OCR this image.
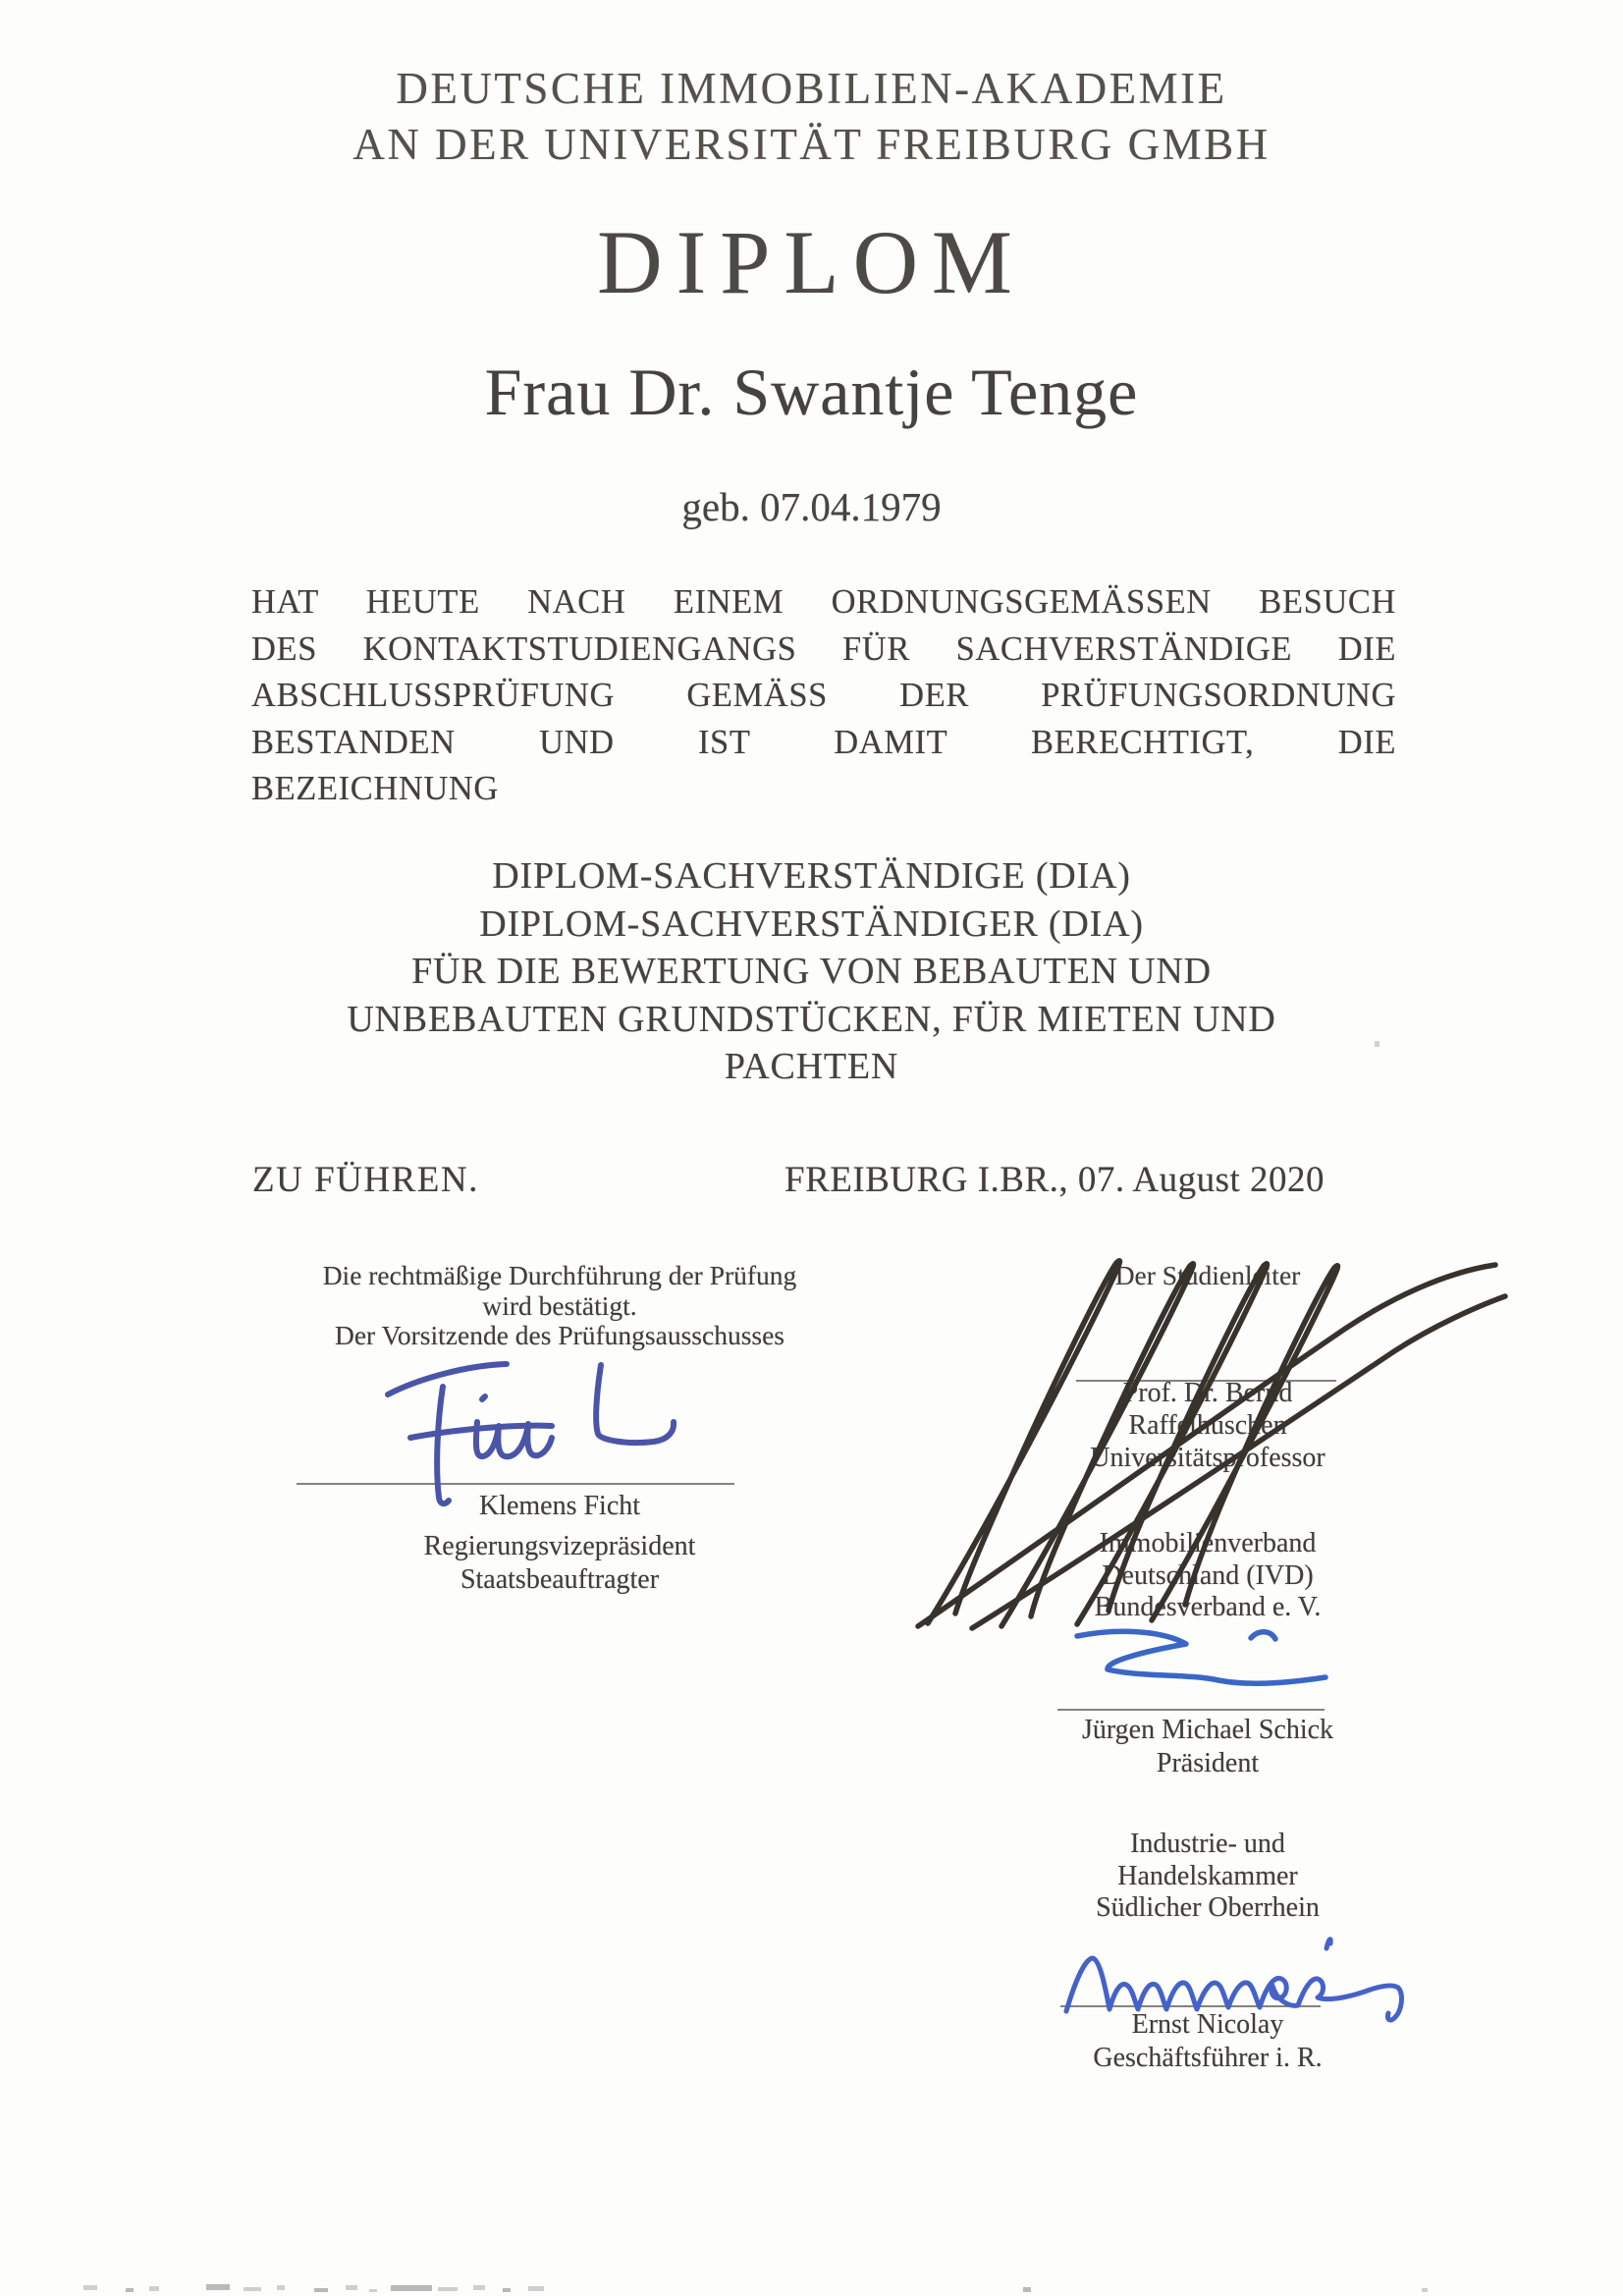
DEUTSCHE IMMOBILIEN-AKADEMIE
AN DER UNIVERSITÄT FREIBURG GMBH
DIPLOM
Frau Dr. Swantje Tenge
geb. 07.04.1979
HAT HEUTE NACH EINEM ORDNUNGSGEMÄSSEN BESUCH
DES KONTAKTSTUDIENGANGS FÜR SACHVERSTÄNDIGE DIE
ABSCHLUSSPRÜFUNG GEMÄSS DER PRÜFUNGSORDNUNG
BESTANDEN UND IST DAMIT BERECHTIGT, DIE
BEZEICHNUNG
DIPLOM-SACHVERSTÄNDIGE (DIA)
DIPLOM-SACHVERSTÄNDIGER (DIA)
FÜR DIE BEWERTUNG VON BEBAUTEN UND
UNBEBAUTEN GRUNDSTÜCKEN, FÜR MIETEN UND
PACHTEN
ZU FÜHREN.	FREIBURG I.BR., 07. August 2020
Die rechtmäßige Durchführung der Prüfung
wird bestätigt.
Der Vorsitzende des Prüfungsausschusses
Klemens Ficht
Regierungsvizepräsident
Staatsbeauftragter
Der Studienleiter
Prof. Dr. Bernd
Raffelhüschen
Universitätsprofessor
Immobilienverband
Deutschland (IVD)
Bundesverband e. V.
Jürgen Michael Schick
Präsident
Industrie- und
Handelskammer
Südlicher Oberrhein
Ernst Nicolay
Geschäftsführer i. R.
